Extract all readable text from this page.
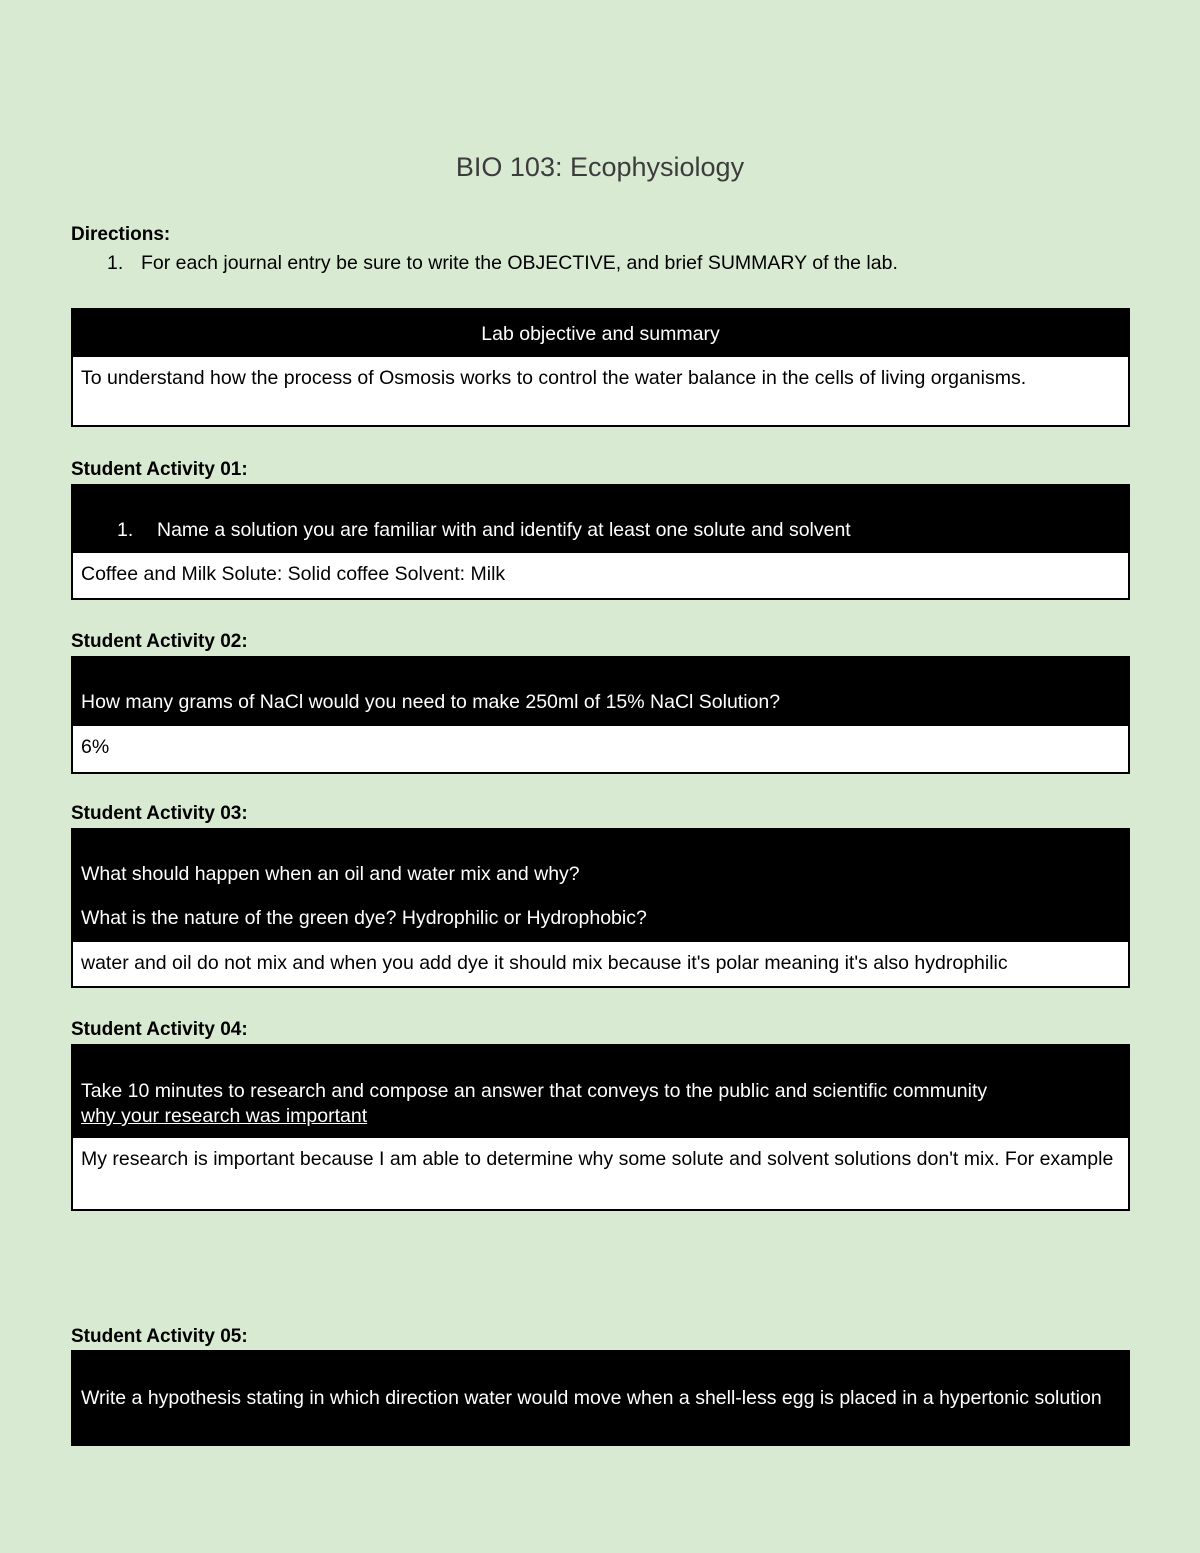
BIO 103: Ecophysiology
Directions:
1. For each journal entry be sure to write the OBJECTIVE, and brief SUMMARY of the lab.
Lab objective and summary
To understand how the process of Osmosis works to control the water balance in the cells of living organisms.
Student Activity 01:
1. Name a solution you are familiar with and identify at least one solute and solvent
Coffee and Milk Solute: Solid coffee Solvent: Milk
Student Activity 02:
How many grams of NaCl would you need to make 250ml of 15% NaCl Solution?
6%
Student Activity 03:

What should happen when an oil and water mix and why?

What is the nature of the green dye? Hydrophilic or Hydrophobic?

water and oil do not mix and when you add dye it should mix because it's polar meaning it's also hydrophilic
Student Activity 04:

Take 10 minutes to research and compose an answer that conveys to the public and scientific community

why your research was important

My research is important because I am able to determine why some solute and solvent solutions don't mix. For example
Student Activity 05:
Write a hypothesis stating in which direction water would move when a shell-less egg is placed in a hypertonic solution
